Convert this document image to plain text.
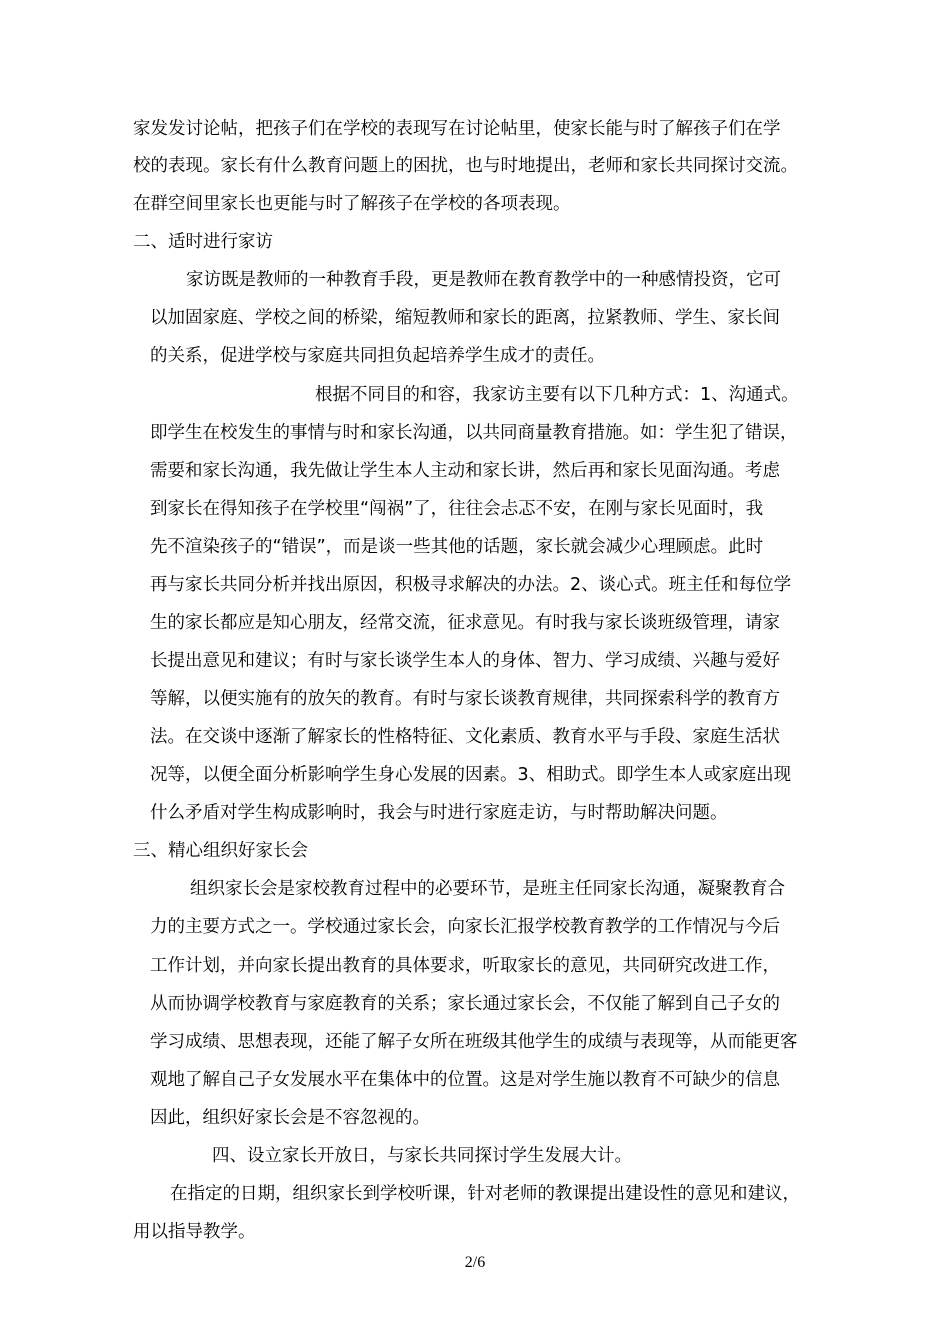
家发发讨论帖，把孩子们在学校的表现写在讨论帖里，使家长能与时了解孩子们在学

校的表现。家长有什么教育问题上的困扰，也与时地提出，老师和家长共同探讨交流。

在群空间里家长也更能与时了解孩子在学校的各项表现。

二、适时进行家访

家访既是教师的一种教育手段，更是教师在教育教学中的一种感情投资，它可

以加固家庭、学校之间的桥梁，缩短教师和家长的距离，拉紧教师、学生、家长间

的关系，促进学校与家庭共同担负起培养学生成才的责任。

根据不同目的和容，我家访主要有以下几种方式：1、沟通式。

即学生在校发生的事情与时和家长沟通，以共同商量教育措施。如：学生犯了错误，

需要和家长沟通，我先做让学生本人主动和家长讲，然后再和家长见面沟通。考虑

到家长在得知孩子在学校里“闯祸”了，往往会忐忑不安，在刚与家长见面时，我

先不渲染孩子的“错误”，而是谈一些其他的话题，家长就会减少心理顾虑。此时

再与家长共同分析并找出原因，积极寻求解决的办法。2、谈心式。班主任和每位学

生的家长都应是知心朋友，经常交流，征求意见。有时我与家长谈班级管理，请家

长提出意见和建议；有时与家长谈学生本人的身体、智力、学习成绩、兴趣与爱好

等解，以便实施有的放矢的教育。有时与家长谈教育规律，共同探索科学的教育方

法。在交谈中逐渐了解家长的性格特征、文化素质、教育水平与手段、家庭生活状

况等，以便全面分析影响学生身心发展的因素。3、相助式。即学生本人或家庭出现

什么矛盾对学生构成影响时，我会与时进行家庭走访，与时帮助解决问题。

三、精心组织好家长会

组织家长会是家校教育过程中的必要环节，是班主任同家长沟通，凝聚教育合

力的主要方式之一。学校通过家长会，向家长汇报学校教育教学的工作情况与今后

工作计划，并向家长提出教育的具体要求，听取家长的意见，共同研究改进工作，

从而协调学校教育与家庭教育的关系；家长通过家长会，不仅能了解到自己子女的

学习成绩、思想表现，还能了解子女所在班级其他学生的成绩与表现等，从而能更客

观地了解自己子女发展水平在集体中的位置。这是对学生施以教育不可缺少的信息

因此，组织好家长会是不容忽视的。

四、设立家长开放日，与家长共同探讨学生发展大计。

在指定的日期，组织家长到学校听课，针对老师的教课提出建设性的意见和建议，

用以指导教学。

2/6
